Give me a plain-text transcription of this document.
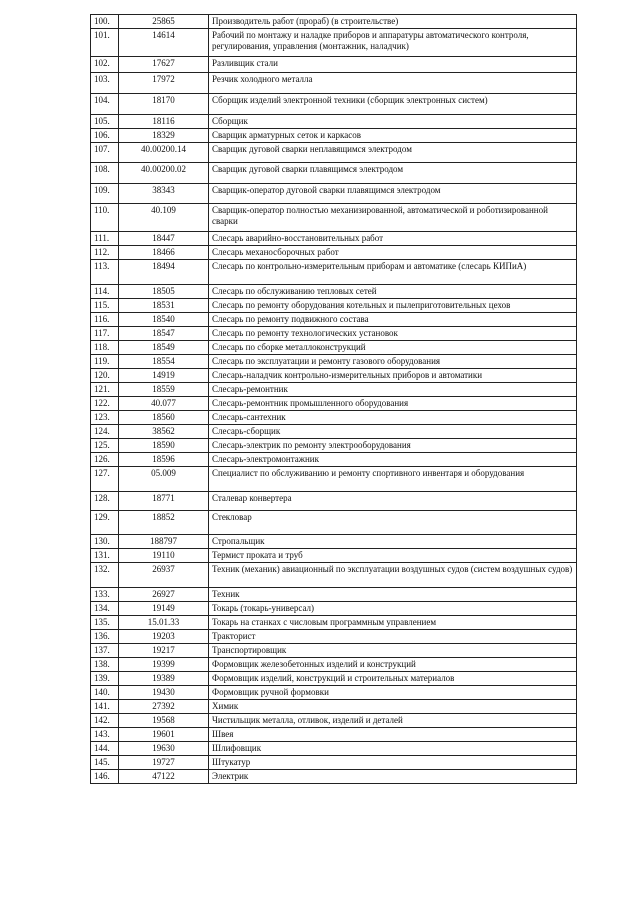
100.	25865	Производитель работ (прораб) (в строительстве)
101.	14614	Рабочий по монтажу и наладке приборов и аппаратуры автоматического контроля, регулирования, управления (монтажник, наладчик)
102.	17627	Разливщик стали
103.	17972	Резчик холодного металла
104.	18170	Сборщик изделий электронной техники (сборщик электронных систем)
105.	18116	Сборщик
106.	18329	Сварщик арматурных сеток и каркасов
107.	40.00200.14	Сварщик дуговой сварки неплавящимся электродом
108.	40.00200.02	Сварщик дуговой сварки плавящимся электродом
109.	38343	Сварщик-оператор дуговой сварки плавящимся электродом
110.	40.109	Сварщик-оператор полностью механизированной, автоматической и роботизированной сварки
111.	18447	Слесарь аварийно-восстановительных работ
112.	18466	Слесарь механосборочных работ
113.	18494	Слесарь по контрольно-измерительным приборам и автоматике (слесарь КИПиА)
114.	18505	Слесарь по обслуживанию тепловых сетей
115.	18531	Слесарь по ремонту оборудования котельных и пылеприготовительных цехов
116.	18540	Слесарь по ремонту подвижного состава
117.	18547	Слесарь по ремонту технологических установок
118.	18549	Слесарь по сборке металлоконструкций
119.	18554	Слесарь по эксплуатации и ремонту газового оборудования
120.	14919	Слесарь-наладчик контрольно-измерительных приборов и автоматики
121.	18559	Слесарь-ремонтник
122.	40.077	Слесарь-ремонтник промышленного оборудования
123.	18560	Слесарь-сантехник
124.	38562	Слесарь-сборщик
125.	18590	Слесарь-электрик по ремонту электрооборудования
126.	18596	Слесарь-электромонтажник
127.	05.009	Специалист по обслуживанию и ремонту спортивного инвентаря и оборудования
128.	18771	Сталевар конвертера
129.	18852	Стекловар
130.	188797	Стропальщик
131.	19110	Термист проката и труб
132.	26937	Техник (механик) авиационный по эксплуатации воздушных судов (систем воздушных судов)
133.	26927	Техник
134.	19149	Токарь (токарь-универсал)
135.	15.01.33	Токарь на станках с числовым программным управлением
136.	19203	Тракторист
137.	19217	Транспортировщик
138.	19399	Формовщик железобетонных изделий и конструкций
139.	19389	Формовщик изделий, конструкций и строительных материалов
140.	19430	Формовщик ручной формовки
141.	27392	Химик
142.	19568	Чистильщик металла, отливок, изделий и деталей
143.	19601	Швея
144.	19630	Шлифовщик
145.	19727	Штукатур
146.	47122	Электрик
